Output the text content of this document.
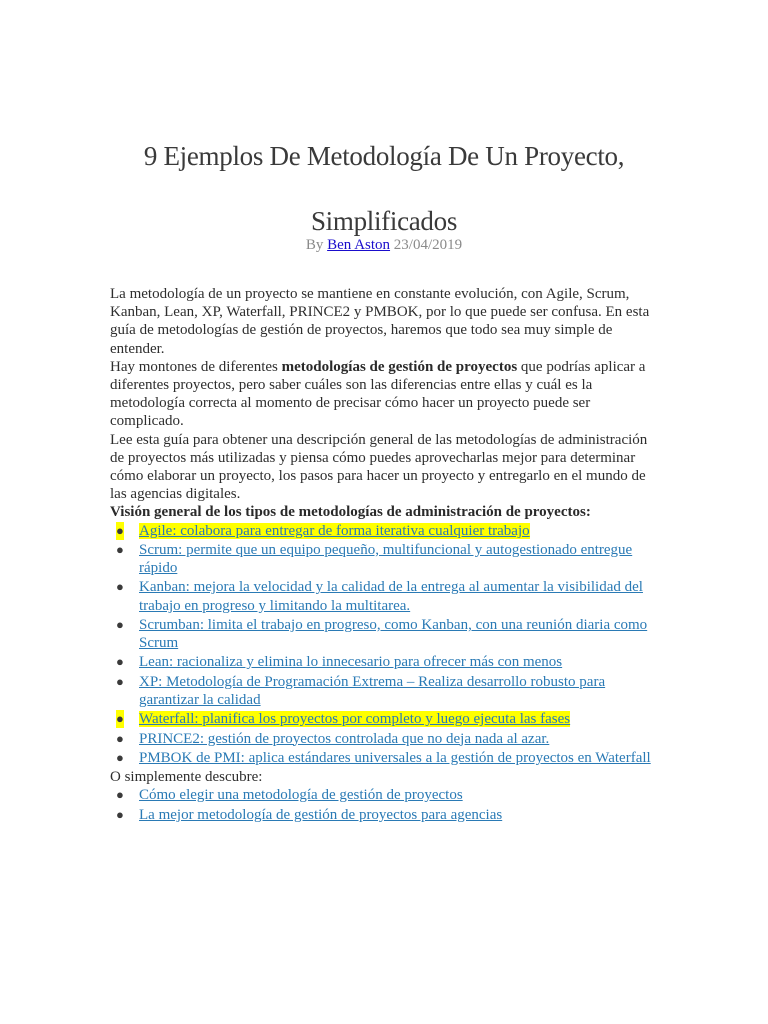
9 Ejemplos De Metodología De Un Proyecto,
Simplificados
By Ben Aston 23/04/2019

La metodología de un proyecto se mantiene en constante evolución, con Agile, Scrum, Kanban, Lean, XP, Waterfall, PRINCE2 y PMBOK, por lo que puede ser confusa. En esta guía de metodologías de gestión de proyectos, haremos que todo sea muy simple de entender.

Hay montones de diferentes metodologías de gestión de proyectos que podrías aplicar a diferentes proyectos, pero saber cuáles son las diferencias entre ellas y cuál es la metodología correcta al momento de precisar cómo hacer un proyecto puede ser complicado.

Lee esta guía para obtener una descripción general de las metodologías de administración de proyectos más utilizadas y piensa cómo puedes aprovecharlas mejor para determinar cómo elaborar un proyecto, los pasos para hacer un proyecto y entregarlo en el mundo de las agencias digitales.

Visión general de los tipos de metodologías de administración de proyectos:

● Agile: colabora para entregar de forma iterativa cualquier trabajo
● Scrum: permite que un equipo pequeño, multifuncional y autogestionado entregue rápido
● Kanban: mejora la velocidad y la calidad de la entrega al aumentar la visibilidad del trabajo en progreso y limitando la multitarea.
● Scrumban: limita el trabajo en progreso, como Kanban, con una reunión diaria como Scrum
● Lean: racionaliza y elimina lo innecesario para ofrecer más con menos
● XP: Metodología de Programación Extrema – Realiza desarrollo robusto para garantizar la calidad
● Waterfall: planifica los proyectos por completo y luego ejecuta las fases
● PRINCE2: gestión de proyectos controlada que no deja nada al azar.
● PMBOK de PMI: aplica estándares universales a la gestión de proyectos en Waterfall

O simplemente descubre:

● Cómo elegir una metodología de gestión de proyectos
● La mejor metodología de gestión de proyectos para agencias
